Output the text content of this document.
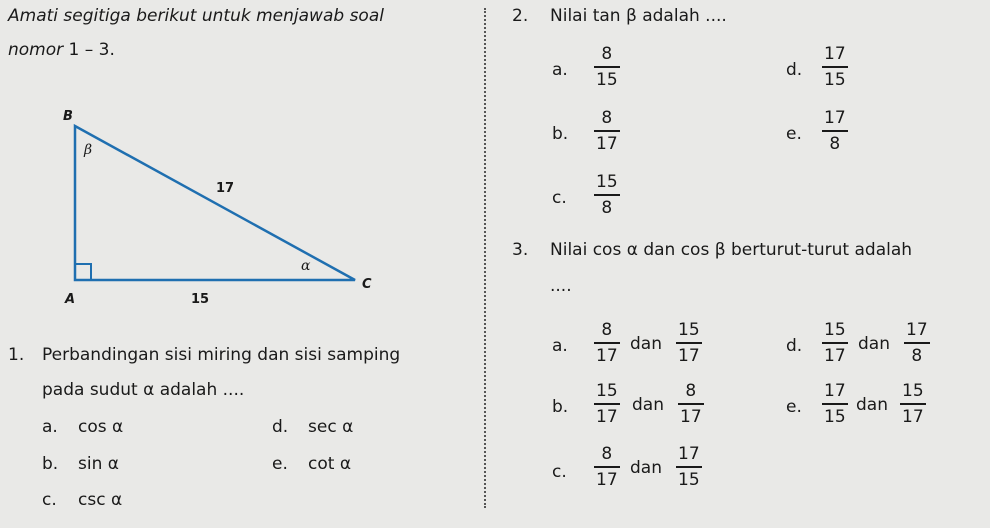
Amati segitiga berikut untuk menjawab soal
nomor 1 – 3.
B
A
C
β
α
17
15
1. Perbandingan sisi miring dan sisi samping
pada sudut α adalah ....
a. cos α
b. sin α
c. csc α
d. sec α
e. cot α
2. Nilai tan β adalah ....
a.
8
15
b.
8
17
c.
15
8
d.
17
15
e.
17
8
3. Nilai cos α dan cos β berturut-turut adalah
....
a.
8
17
dan
15
17
b.
15
17
dan
8
17
c.
8
17
dan
17
15
d.
15
17
dan
17
8
e.
17
15
dan
15
17
